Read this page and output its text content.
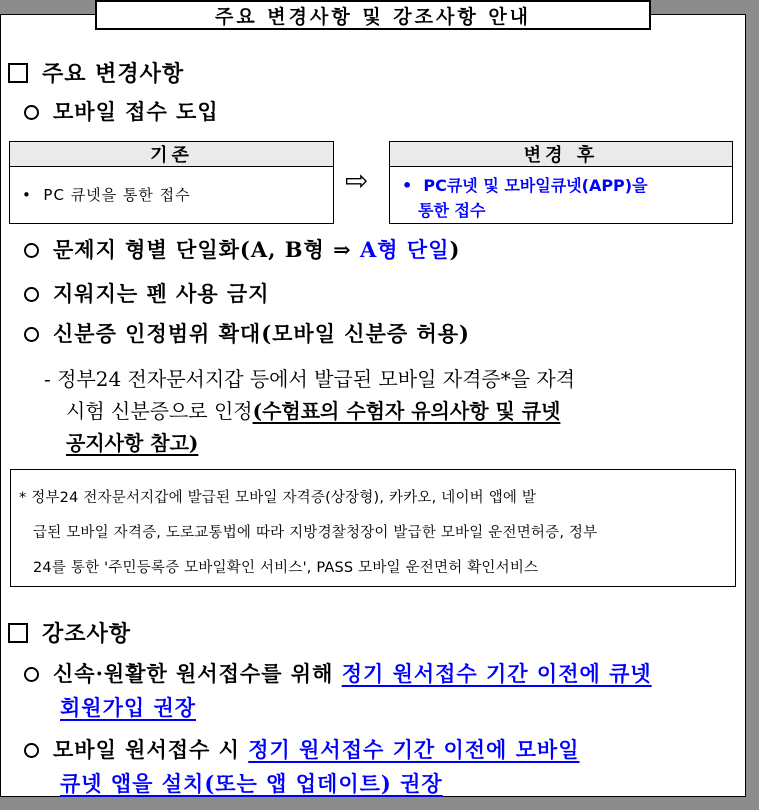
주요 변경사항 및 강조사항 안내
주요 변경사항
모바일 접수 도입
기존
• PC 큐넷을 통한 접수	⇨
변경 후
• PC큐넷 및 모바일큐넷(APP)을
통한 접수
문제지 형별 단일화(A, B형 ⇒ A형 단일)
지워지는 펜 사용 금지
신분증 인정범위 확대(모바일 신분증 허용)
- 정부24 전자문서지갑 등에서 발급된 모바일 자격증*을 자격
시험 신분증으로 인정(수험표의 수험자 유의사항 및 큐넷
공지사항 참고)
* 정부24 전자문서지갑에 발급된 모바일 자격증(상장형), 카카오, 네이버 앱에 발
급된 모바일 자격증, 도로교통법에 따라 지방경찰청장이 발급한 모바일 운전면허증, 정부
24를 통한 '주민등록증 모바일확인 서비스', PASS 모바일 운전면허 확인서비스
강조사항
신속·원활한 원서접수를 위해 정기 원서접수 기간 이전에 큐넷
회원가입 권장
모바일 원서접수 시 정기 원서접수 기간 이전에 모바일
큐넷 앱을 설치(또는 앱 업데이트) 권장
